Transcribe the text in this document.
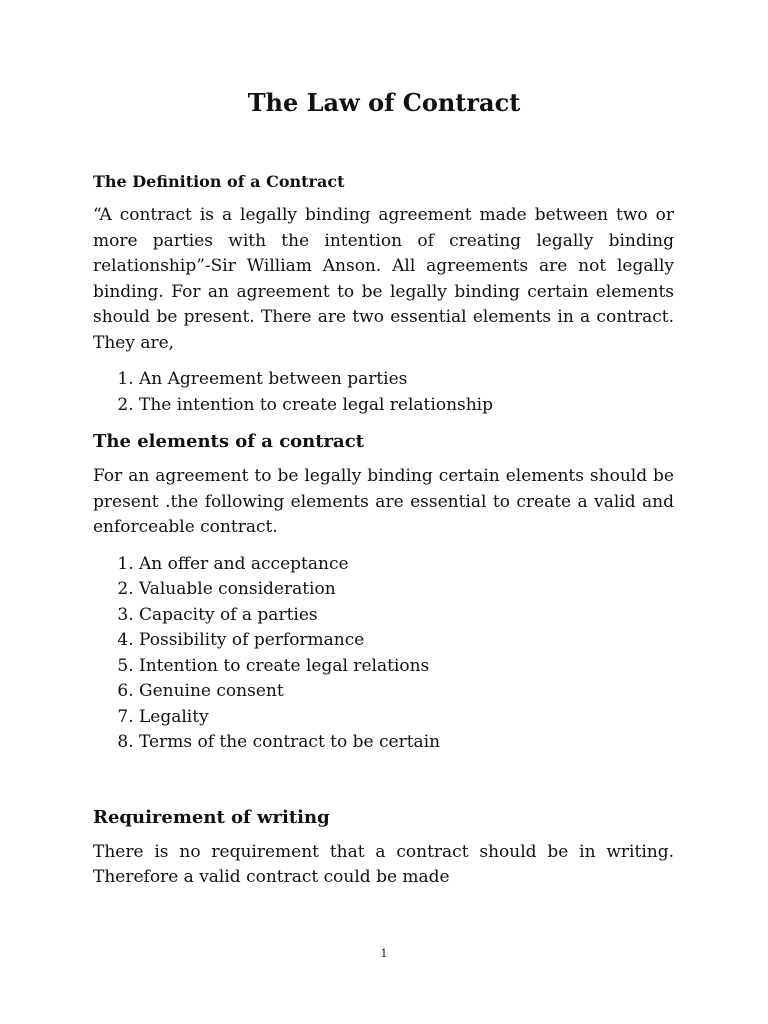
The Law of Contract
The Definition of a Contract

“A contract is a legally binding agreement made between two or more parties with the intention of creating legally binding relationship”-Sir William Anson. All agreements are not legally binding. For an agreement to be legally binding certain elements should be present. There are two essential elements in a contract. They are,

1. An Agreement between parties
2. The intention to create legal relationship
The elements of a contract

For an agreement to be legally binding certain elements should be present .the following elements are essential to create a valid and enforceable contract.

1. An offer and acceptance
2. Valuable consideration
3. Capacity of a parties
4. Possibility of performance
5. Intention to create legal relations
6. Genuine consent
7. Legality
8. Terms of the contract to be certain
Requirement of writing

There is no requirement that a contract should be in writing. Therefore a valid contract could be made

1
